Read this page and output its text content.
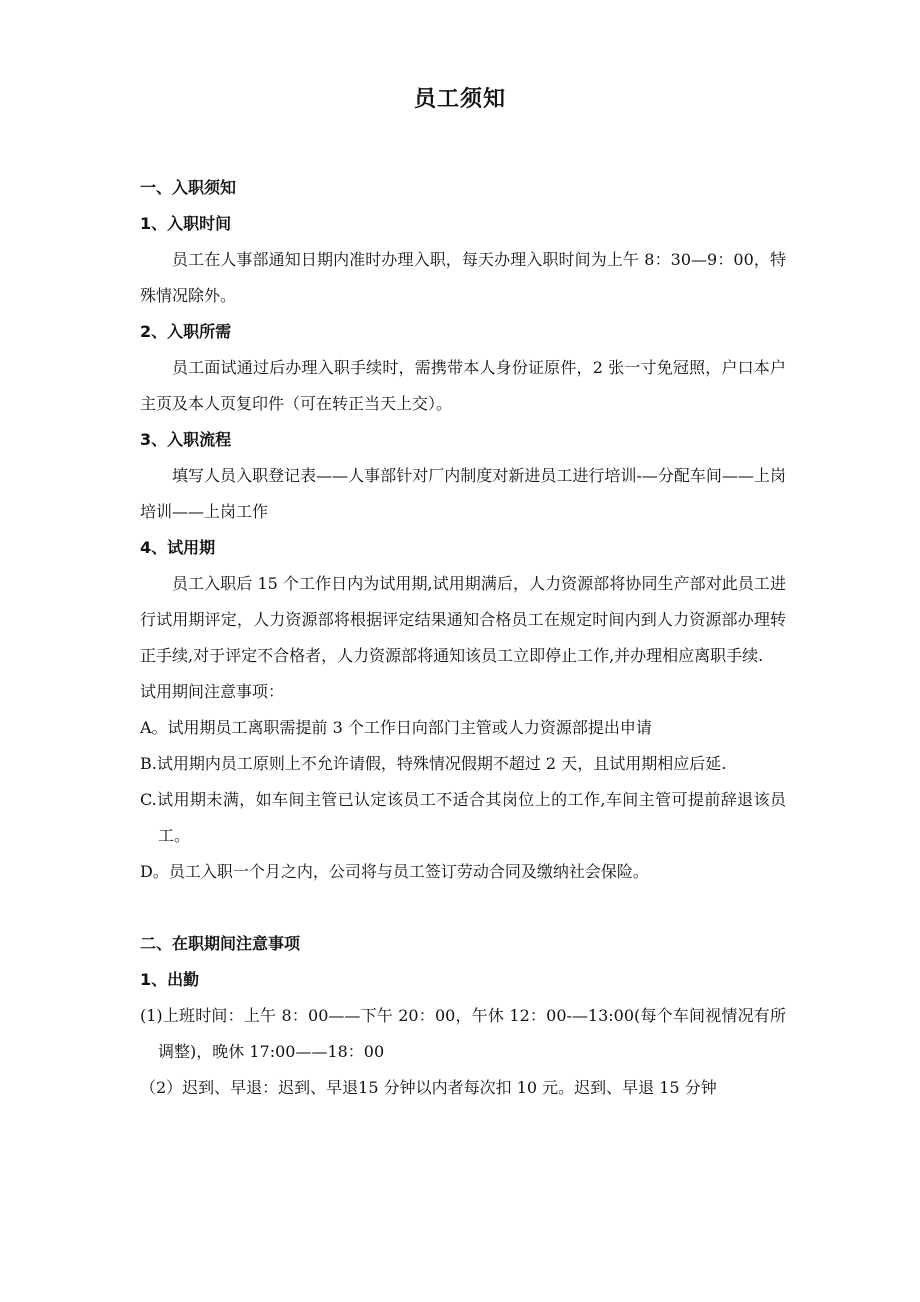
员工须知
一、入职须知
1、入职时间
员工在人事部通知日期内准时办理入职，每天办理入职时间为上午 8：30—9：00，特殊情况除外。
2、入职所需
员工面试通过后办理入职手续时，需携带本人身份证原件，2 张一寸免冠照，户口本户主页及本人页复印件（可在转正当天上交）。
3、入职流程
填写人员入职登记表——人事部针对厂内制度对新进员工进行培训-—分配车间——上岗培训——上岗工作
4、试用期
员工入职后 15 个工作日内为试用期,试用期满后，人力资源部将协同生产部对此员工进行试用期评定，人力资源部将根据评定结果通知合格员工在规定时间内到人力资源部办理转正手续,对于评定不合格者，人力资源部将通知该员工立即停止工作,并办理相应离职手续.
试用期间注意事项：
A。试用期员工离职需提前 3 个工作日向部门主管或人力资源部提出申请
B.试用期内员工原则上不允许请假，特殊情况假期不超过 2 天，且试用期相应后延.
C.试用期未满，如车间主管已认定该员工不适合其岗位上的工作,车间主管可提前辞退该员工。
D。员工入职一个月之内，公司将与员工签订劳动合同及缴纳社会保险。
二、在职期间注意事项
1、出勤
(1)上班时间：上午 8：00——下午 20：00，午休 12：00-—13:00(每个车间视情况有所调整)，晚休 17:00——18：00
（2）迟到、早退：迟到、早退15 分钟以内者每次扣 10 元。迟到、早退 15 分钟
